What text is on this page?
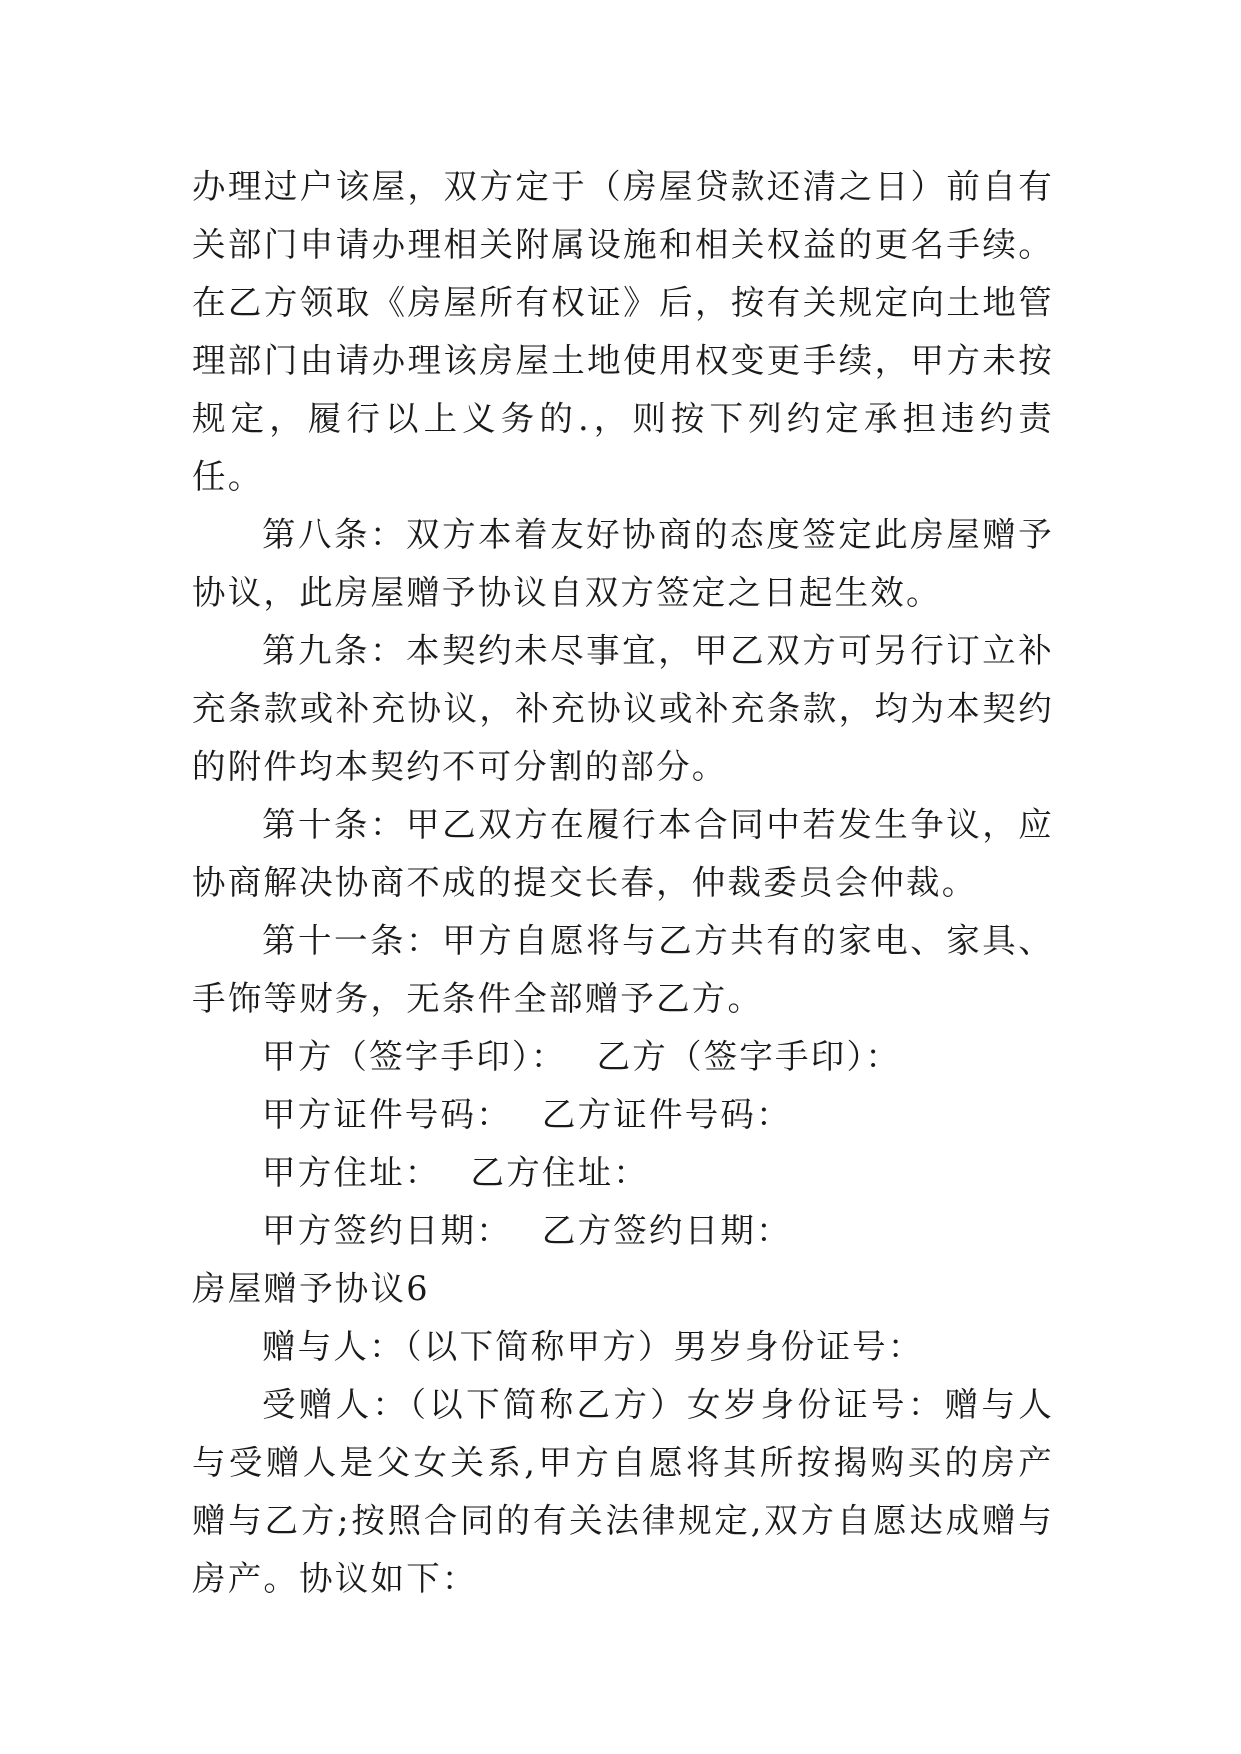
办理过户该屋，双方定于（房屋贷款还清之日）前自有关部门申请办理相关附属设施和相关权益的更名手续。在乙方领取《房屋所有权证》后，按有关规定向土地管理部门由请办理该房屋土地使用权变更手续，甲方未按规定，履行以上义务的.，则按下列约定承担违约责任。

第八条：双方本着友好协商的态度签定此房屋赠予协议，此房屋赠予协议自双方签定之日起生效。

第九条：本契约未尽事宜，甲乙双方可另行订立补充条款或补充协议，补充协议或补充条款，均为本契约的附件均本契约不可分割的部分。

第十条：甲乙双方在履行本合同中若发生争议，应协商解决协商不成的提交长春，仲裁委员会仲裁。

第十一条：甲方自愿将与乙方共有的家电、家具、手饰等财务，无条件全部赠予乙方。

甲方（签字手印）： 乙方（签字手印）：

甲方证件号码： 乙方证件号码：

甲方住址： 乙方住址：

甲方签约日期： 乙方签约日期：

房屋赠予协议6

赠与人：（以下简称甲方）男岁身份证号：

受赠人：（以下简称乙方）女岁身份证号：赠与人与受赠人是父女关系,甲方自愿将其所按揭购买的房产赠与乙方;按照合同的有关法律规定,双方自愿达成赠与房产。协议如下：
